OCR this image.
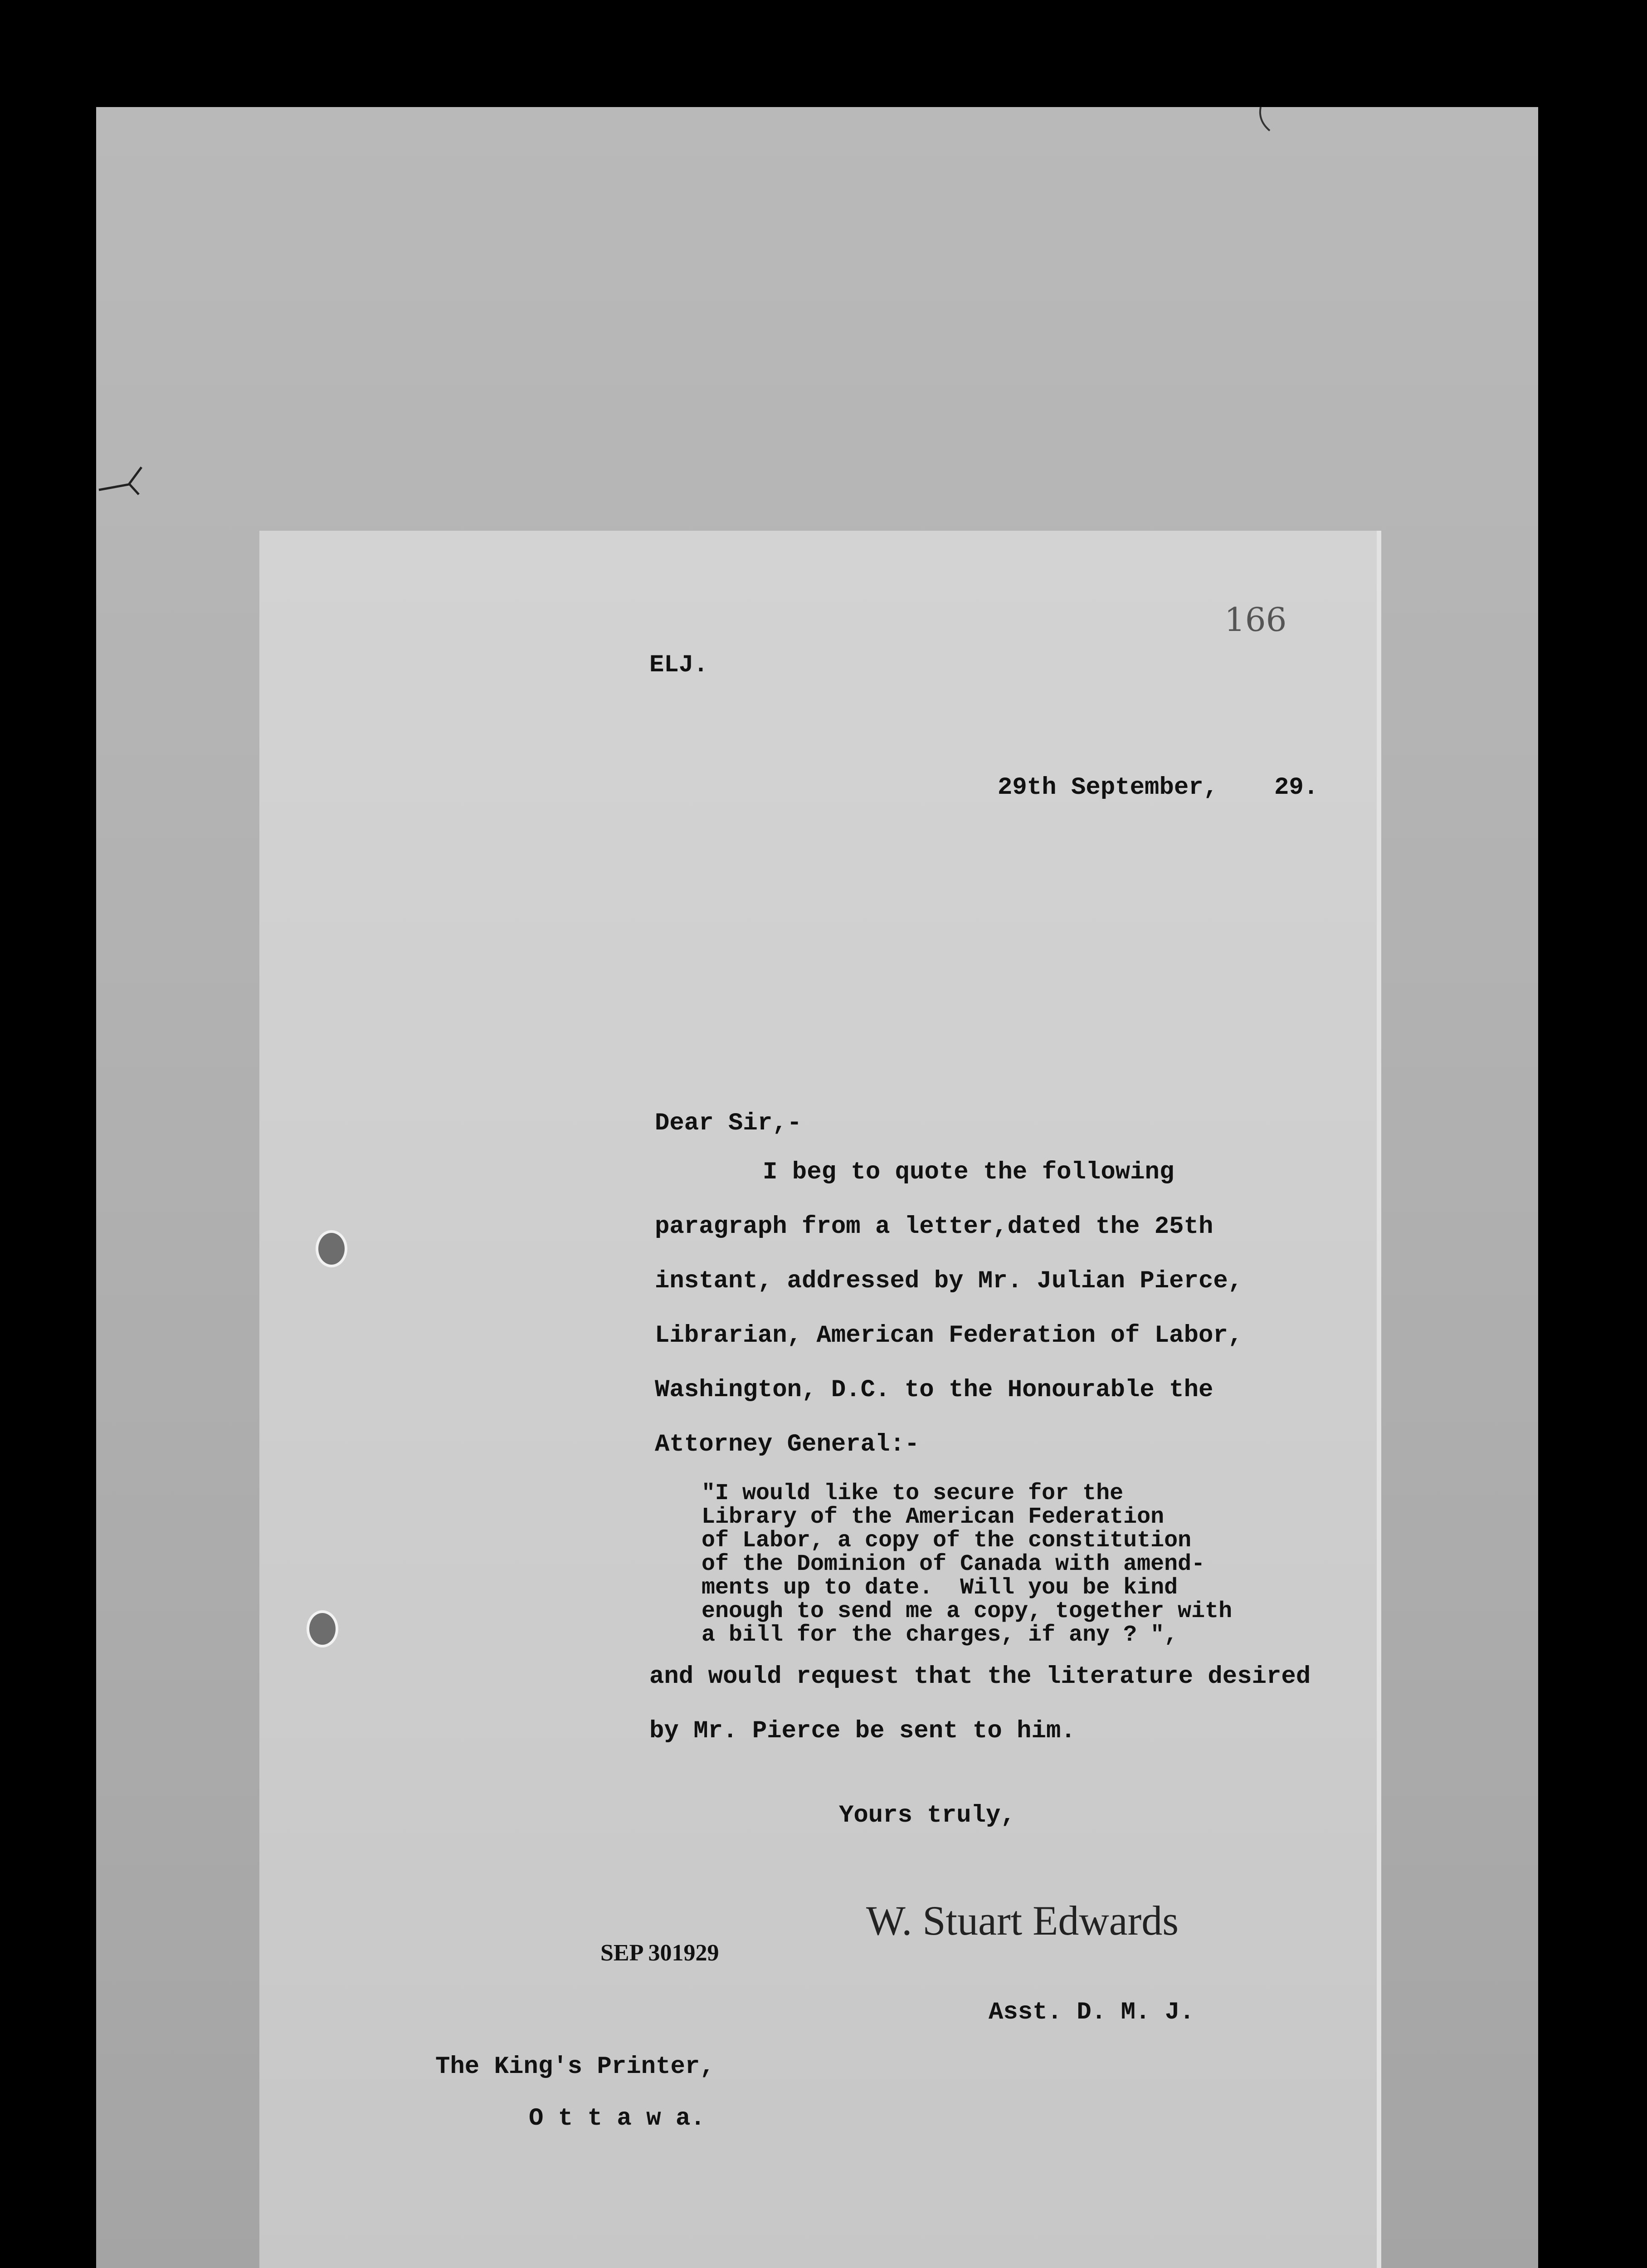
166
ELJ.
29th September, 29.
Dear Sir,-
I beg to quote the following
paragraph from a letter,dated the 25th
instant, addressed by Mr. Julian Pierce,
Librarian, American Federation of Labor,
Washington, D.C. to the Honourable the
Attorney General:-
"I would like to secure for the
Library of the American Federation
of Labor, a copy of the constitution
of the Dominion of Canada with amend-
ments up to date.  Will you be kind
enough to send me a copy, together with
a bill for the charges, if any ? ",
and would request that the literature desired
by Mr. Pierce be sent to him.
Yours truly,
W. Stuart Edwards
SEP 301929
Asst. D. M. J.
The King's Printer,
O t t a w a.
